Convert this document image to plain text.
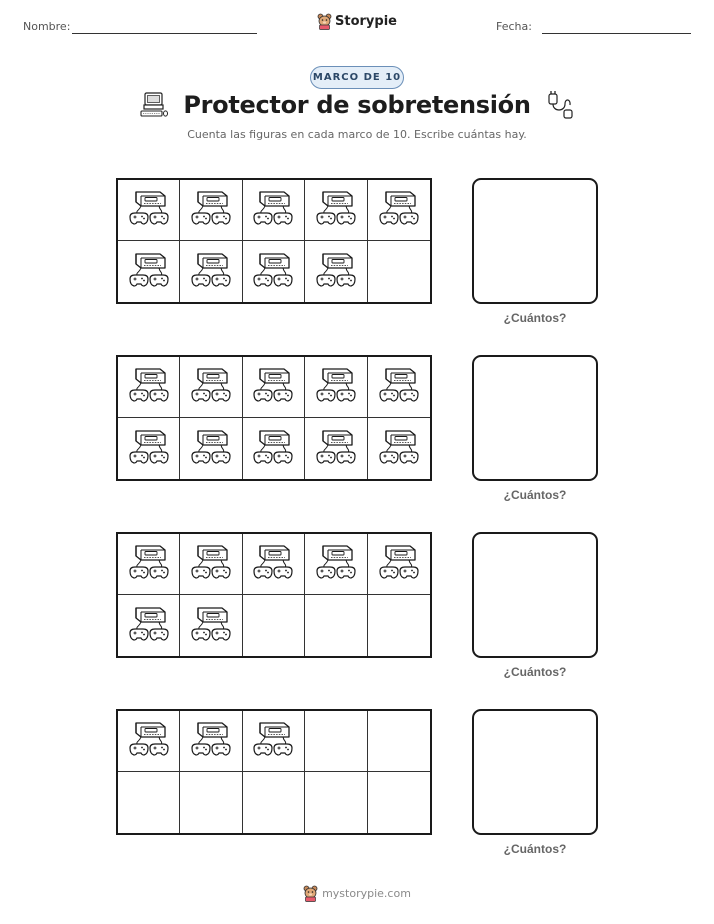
Nombre:	Fecha:
Storypie
MARCO DE 10
Protector de sobretensión
Cuenta las figuras en cada marco de 10. Escribe cuántas hay.
¿Cuántos?
¿Cuántos?
¿Cuántos?
¿Cuántos?
mystorypie.com
